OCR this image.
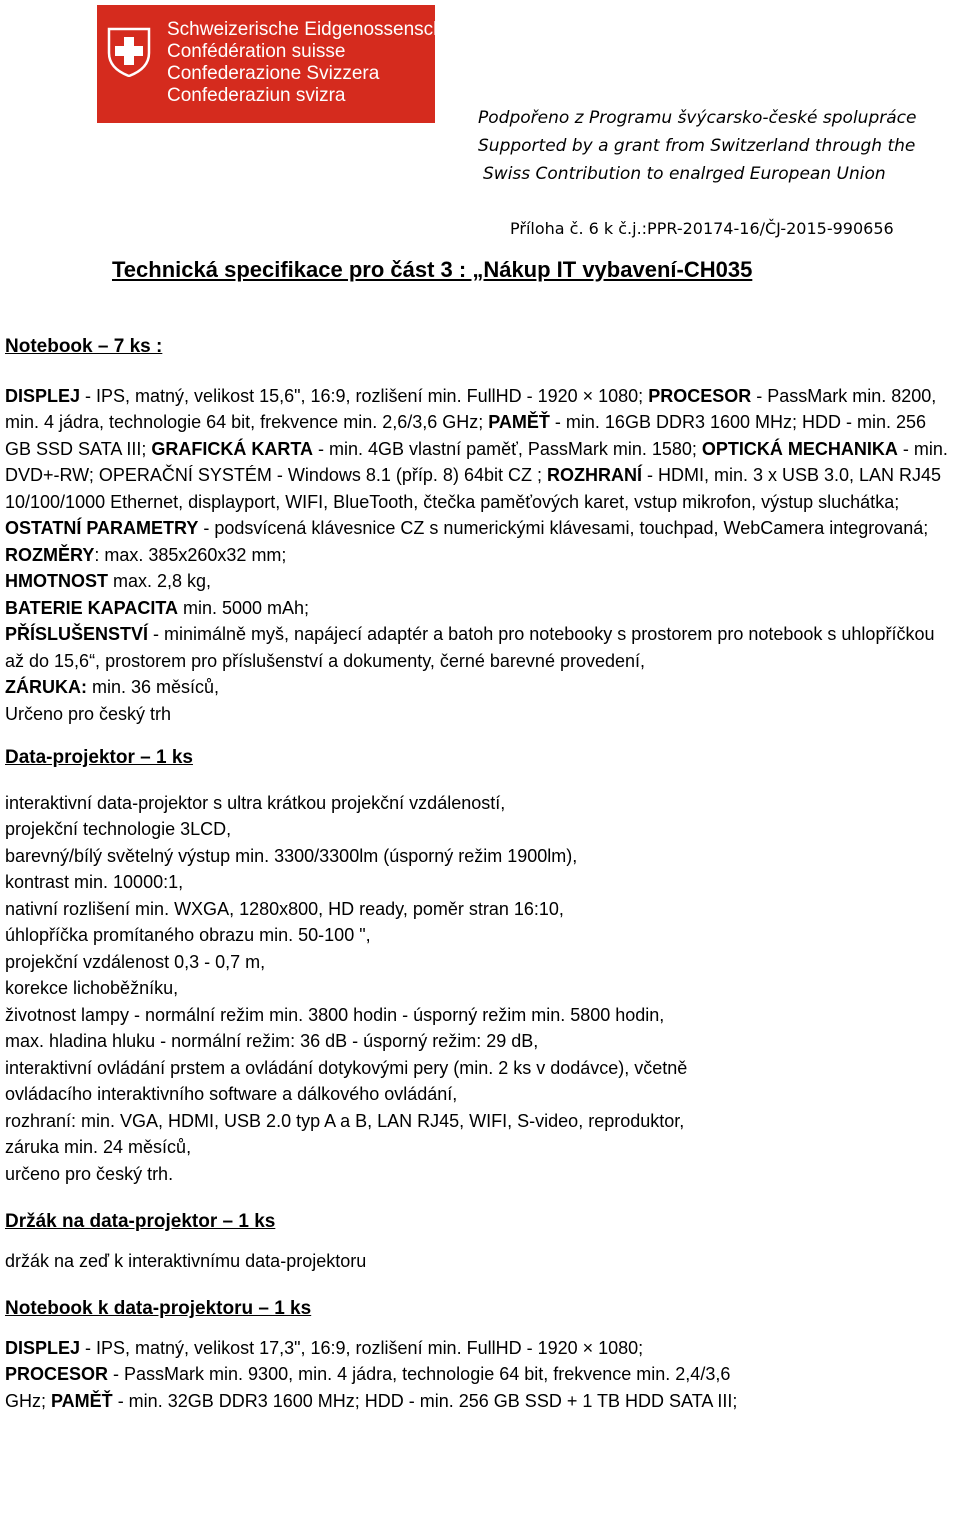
Schweizerische Eidgenossenschaft
Confédération suisse
Confederazione Svizzera
Confederaziun svizra
Podpořeno z Programu švýcarsko-české spolupráce
Supported by a grant from Switzerland through the
Swiss Contribution to enalrged European Union
Příloha č. 6 k č.j.:PPR-20174-16/ČJ-2015-990656
Technická specifikace pro část 3 : „Nákup IT vybavení-CH035
Notebook – 7 ks :

DISPLEJ - IPS, matný, velikost 15,6", 16:9, rozlišení min. FullHD - 1920 × 1080; PROCESOR - PassMark min. 8200, min. 4 jádra, technologie 64 bit, frekvence min. 2,6/3,6 GHz; PAMĚŤ - min. 16GB DDR3 1600 MHz; HDD - min. 256 GB SSD SATA III; GRAFICKÁ KARTA - min. 4GB vlastní paměť, PassMark min. 1580; OPTICKÁ MECHANIKA - min. DVD+-RW; OPERAČNÍ SYSTÉM - Windows 8.1 (příp. 8) 64bit CZ ; ROZHRANÍ - HDMI, min. 3 x USB 3.0, LAN RJ45 10/100/1000 Ethernet, displayport, WIFI, BlueTooth, čtečka paměťových karet, vstup mikrofon, výstup sluchátka;

OSTATNÍ PARAMETRY - podsvícená klávesnice CZ s numerickými klávesami, touchpad, WebCamera integrovaná;

ROZMĚRY: max. 385x260x32 mm;

HMOTNOST max. 2,8 kg,

BATERIE KAPACITA min. 5000 mAh;

PŘÍSLUŠENSTVÍ - minimálně myš, napájecí adaptér a batoh pro notebooky s prostorem pro notebook s uhlopříčkou až do 15,6“, prostorem pro příslušenství a dokumenty, černé barevné provedení,

ZÁRUKA: min. 36 měsíců,

Určeno pro český trh

Data-projektor – 1 ks
interaktivní data-projektor s ultra krátkou projekční vzdáleností,
projekční technologie 3LCD,
barevný/bílý světelný výstup min. 3300/3300lm (úsporný režim 1900lm),
kontrast min. 10000:1,
nativní rozlišení min. WXGA, 1280x800, HD ready, poměr stran 16:10,
úhlopříčka promítaného obrazu min. 50-100 ",
projekční vzdálenost 0,3 - 0,7 m,
korekce lichoběžníku,
životnost lampy - normální režim min. 3800 hodin - úsporný režim min. 5800 hodin,
max. hladina hluku - normální režim: 36 dB - úsporný režim: 29 dB,
interaktivní ovládání prstem a ovládání dotykovými pery (min. 2 ks v dodávce), včetně
ovládacího interaktivního software a dálkového ovládání,
rozhraní: min. VGA, HDMI, USB 2.0 typ A a B, LAN RJ45, WIFI, S-video, reproduktor,
záruka min. 24 měsíců,
určeno pro český trh.
Držák na data-projektor – 1 ks
držák na zeď k interaktivnímu data-projektoru
Notebook k data-projektoru – 1 ks
DISPLEJ - IPS, matný, velikost 17,3", 16:9, rozlišení min. FullHD - 1920 × 1080;
PROCESOR - PassMark min. 9300, min. 4 jádra, technologie 64 bit, frekvence min. 2,4/3,6
GHz; PAMĚŤ - min. 32GB DDR3 1600 MHz; HDD - min. 256 GB SSD + 1 TB HDD SATA III;
